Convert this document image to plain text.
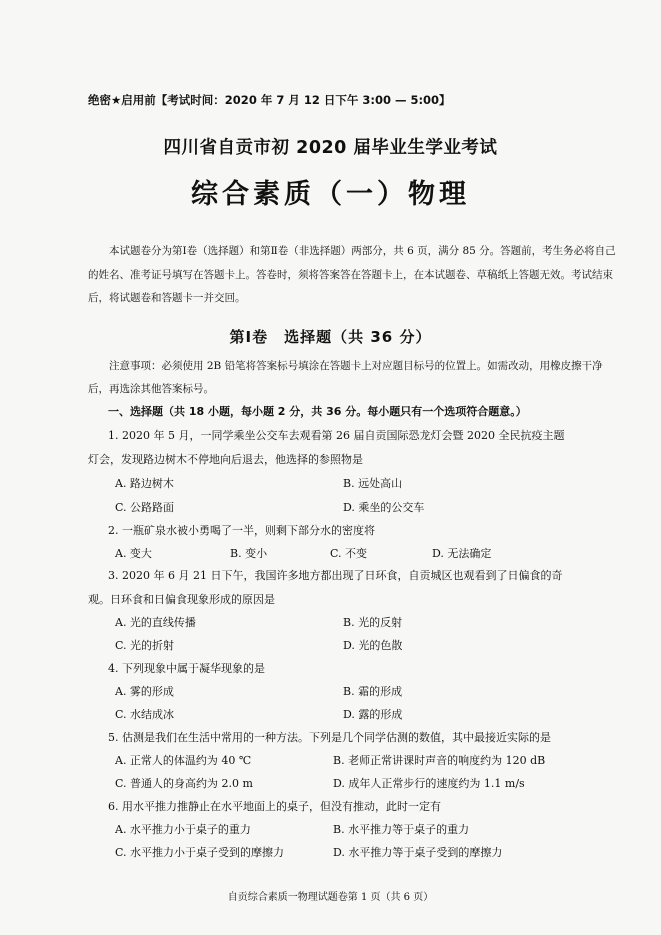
绝密★启用前【考试时间：2020 年 7 月 12 日下午 3:00 — 5:00】
四川省自贡市初 2020 届毕业生学业考试
综合素质（一）物理

本试题卷分为第Ⅰ卷（选择题）和第Ⅱ卷（非选择题）两部分，共 6 页，满分 85 分。答题前，考生务必将自己的姓名、准考证号填写在答题卡上。答卷时，须将答案答在答题卡上，在本试题卷、草稿纸上答题无效。考试结束后，将试题卷和答题卡一并交回。

第Ⅰ卷　选择题（共 36 分）

注意事项：必须使用 2B 铅笔将答案标号填涂在答题卡上对应题目标号的位置上。如需改动，用橡皮擦干净后，再选涂其他答案标号。

一、选择题（共 18 小题，每小题 2 分，共 36 分。每小题只有一个选项符合题意。）
1. 2020 年 5 月，一同学乘坐公交车去观看第 26 届自贡国际恐龙灯会暨 2020 全民抗疫主题
灯会，发现路边树木不停地向后退去，他选择的参照物是
A. 路边树木	B. 远处高山
C. 公路路面	D. 乘坐的公交车
2. 一瓶矿泉水被小勇喝了一半，则剩下部分水的密度将
A. 变大	B. 变小	C. 不变	D. 无法确定
3. 2020 年 6 月 21 日下午，我国许多地方都出现了日环食，自贡城区也观看到了日偏食的奇
观。日环食和日偏食现象形成的原因是
A. 光的直线传播	B. 光的反射
C. 光的折射	D. 光的色散
4. 下列现象中属于凝华现象的是
A. 雾的形成	B. 霜的形成
C. 水结成冰	D. 露的形成
5. 估测是我们在生活中常用的一种方法。下列是几个同学估测的数值，其中最接近实际的是
A. 正常人的体温约为 40 ℃	B. 老师正常讲课时声音的响度约为 120 dB
C. 普通人的身高约为 2.0 m	D. 成年人正常步行的速度约为 1.1 m/s
6. 用水平推力推静止在水平地面上的桌子，但没有推动，此时一定有
A. 水平推力小于桌子的重力	B. 水平推力等于桌子的重力
C. 水平推力小于桌子受到的摩擦力	D. 水平推力等于桌子受到的摩擦力
自贡综合素质一物理试题卷第 1 页（共 6 页）
